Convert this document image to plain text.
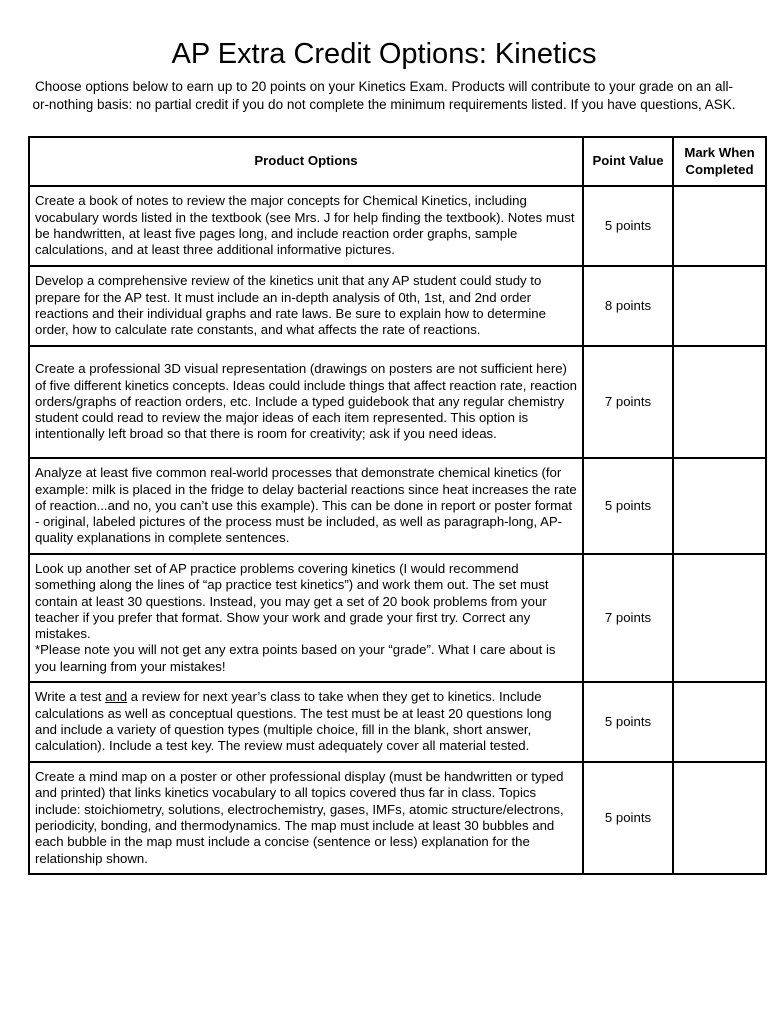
AP Extra Credit Options: Kinetics

Choose options below to earn up to 20 points on your Kinetics Exam. Products will contribute to your grade on an all-or-nothing basis: no partial credit if you do not complete the minimum requirements listed. If you have questions, ASK.

Product Options	Point Value	Mark When Completed
Create a book of notes to review the major concepts for Chemical Kinetics, including vocabulary words listed in the textbook (see Mrs. J for help finding the textbook). Notes must be handwritten, at least five pages long, and include reaction order graphs, sample calculations, and at least three additional informative pictures.	5 points	
Develop a comprehensive review of the kinetics unit that any AP student could study to prepare for the AP test. It must include an in-depth analysis of 0th, 1st, and 2nd order reactions and their individual graphs and rate laws. Be sure to explain how to determine order, how to calculate rate constants, and what affects the rate of reactions.	8 points	
Create a professional 3D visual representation (drawings on posters are not sufficient here) of five different kinetics concepts. Ideas could include things that affect reaction rate, reaction orders/graphs of reaction orders, etc. Include a typed guidebook that any regular chemistry student could read to review the major ideas of each item represented. This option is intentionally left broad so that there is room for creativity; ask if you need ideas.	7 points	
Analyze at least five common real-world processes that demonstrate chemical kinetics (for example: milk is placed in the fridge to delay bacterial reactions since heat increases the rate of reaction...and no, you can’t use this example). This can be done in report or poster format - original, labeled pictures of the process must be included, as well as paragraph-long, AP-quality explanations in complete sentences.	5 points	

Look up another set of AP practice problems covering kinetics (I would recommend something along the lines of “ap practice test kinetics”) and work them out. The set must contain at least 30 questions. Instead, you may get a set of 20 book problems from your teacher if you prefer that format. Show your work and grade your first try. Correct any mistakes.
*Please note you will not get any extra points based on your “grade”. What I care about is you learning from your mistakes!	7 points	
Write a test and a review for next year’s class to take when they get to kinetics. Include calculations as well as conceptual questions. The test must be at least 20 questions long and include a variety of question types (multiple choice, fill in the blank, short answer, calculation). Include a test key. The review must adequately cover all material tested.	5 points	
Create a mind map on a poster or other professional display (must be handwritten or typed and printed) that links kinetics vocabulary to all topics covered thus far in class. Topics include: stoichiometry, solutions, electrochemistry, gases, IMFs, atomic structure/electrons, periodicity, bonding, and thermodynamics. The map must include at least 30 bubbles and each bubble in the map must include a concise (sentence or less) explanation for the relationship shown.	5 points	
